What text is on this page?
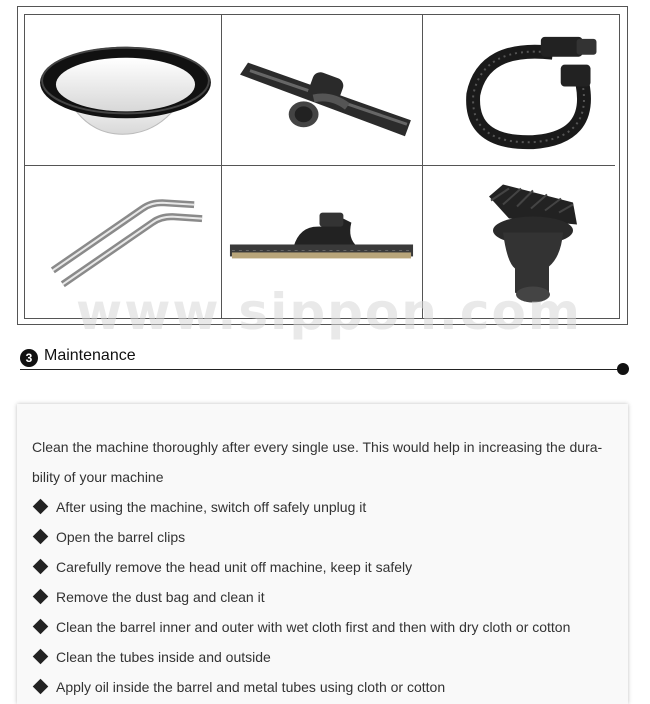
www.sippon.com
3 Maintenance

Clean the machine thoroughly after every single use. This would help in increasing the dura-bility of your machine

After using the machine, switch off safely unplug it
Open the barrel clips
Carefully remove the head unit off machine, keep it safely
Remove the dust bag and clean it
Clean the barrel inner and outer with wet cloth first and then with dry cloth or cotton
Clean the tubes inside and outside
Apply oil inside the barrel and metal tubes using cloth or cotton
